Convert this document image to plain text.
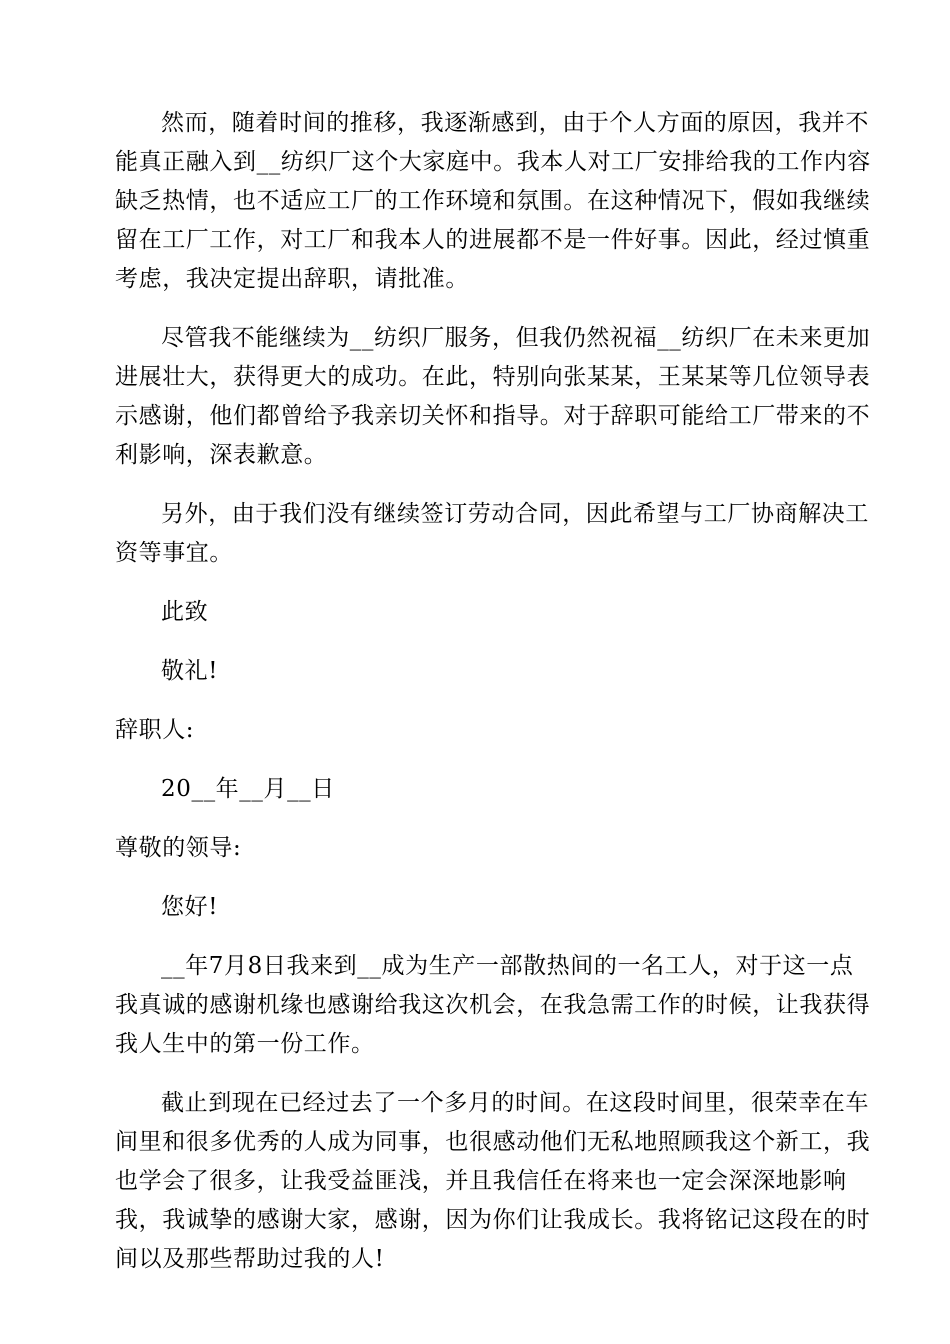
然而，随着时间的推移，我逐渐感到，由于个人方面的原因，我并不
能真正融入到__纺织厂这个大家庭中。我本人对工厂安排给我的工作内容
缺乏热情，也不适应工厂的工作环境和氛围。在这种情况下，假如我继续
留在工厂工作，对工厂和我本人的进展都不是一件好事。因此，经过慎重
考虑，我决定提出辞职，请批准。

尽管我不能继续为__纺织厂服务，但我仍然祝福__纺织厂在未来更加
进展壮大，获得更大的成功。在此，特别向张某某，王某某等几位领导表
示感谢，他们都曾给予我亲切关怀和指导。对于辞职可能给工厂带来的不
利影响，深表歉意。

另外，由于我们没有继续签订劳动合同，因此希望与工厂协商解决工
资等事宜。

此致

敬礼!

辞职人:

20__年__月__日

尊敬的领导:

您好!

__年7月8日我来到__成为生产一部散热间的一名工人，对于这一点
我真诚的感谢机缘也感谢给我这次机会，在我急需工作的时候，让我获得
我人生中的第一份工作。

截止到现在已经过去了一个多月的时间。在这段时间里，很荣幸在车
间里和很多优秀的人成为同事，也很感动他们无私地照顾我这个新工，我
也学会了很多，让我受益匪浅，并且我信任在将来也一定会深深地影响
我，我诚挚的感谢大家，感谢，因为你们让我成长。我将铭记这段在的时
间以及那些帮助过我的人!
